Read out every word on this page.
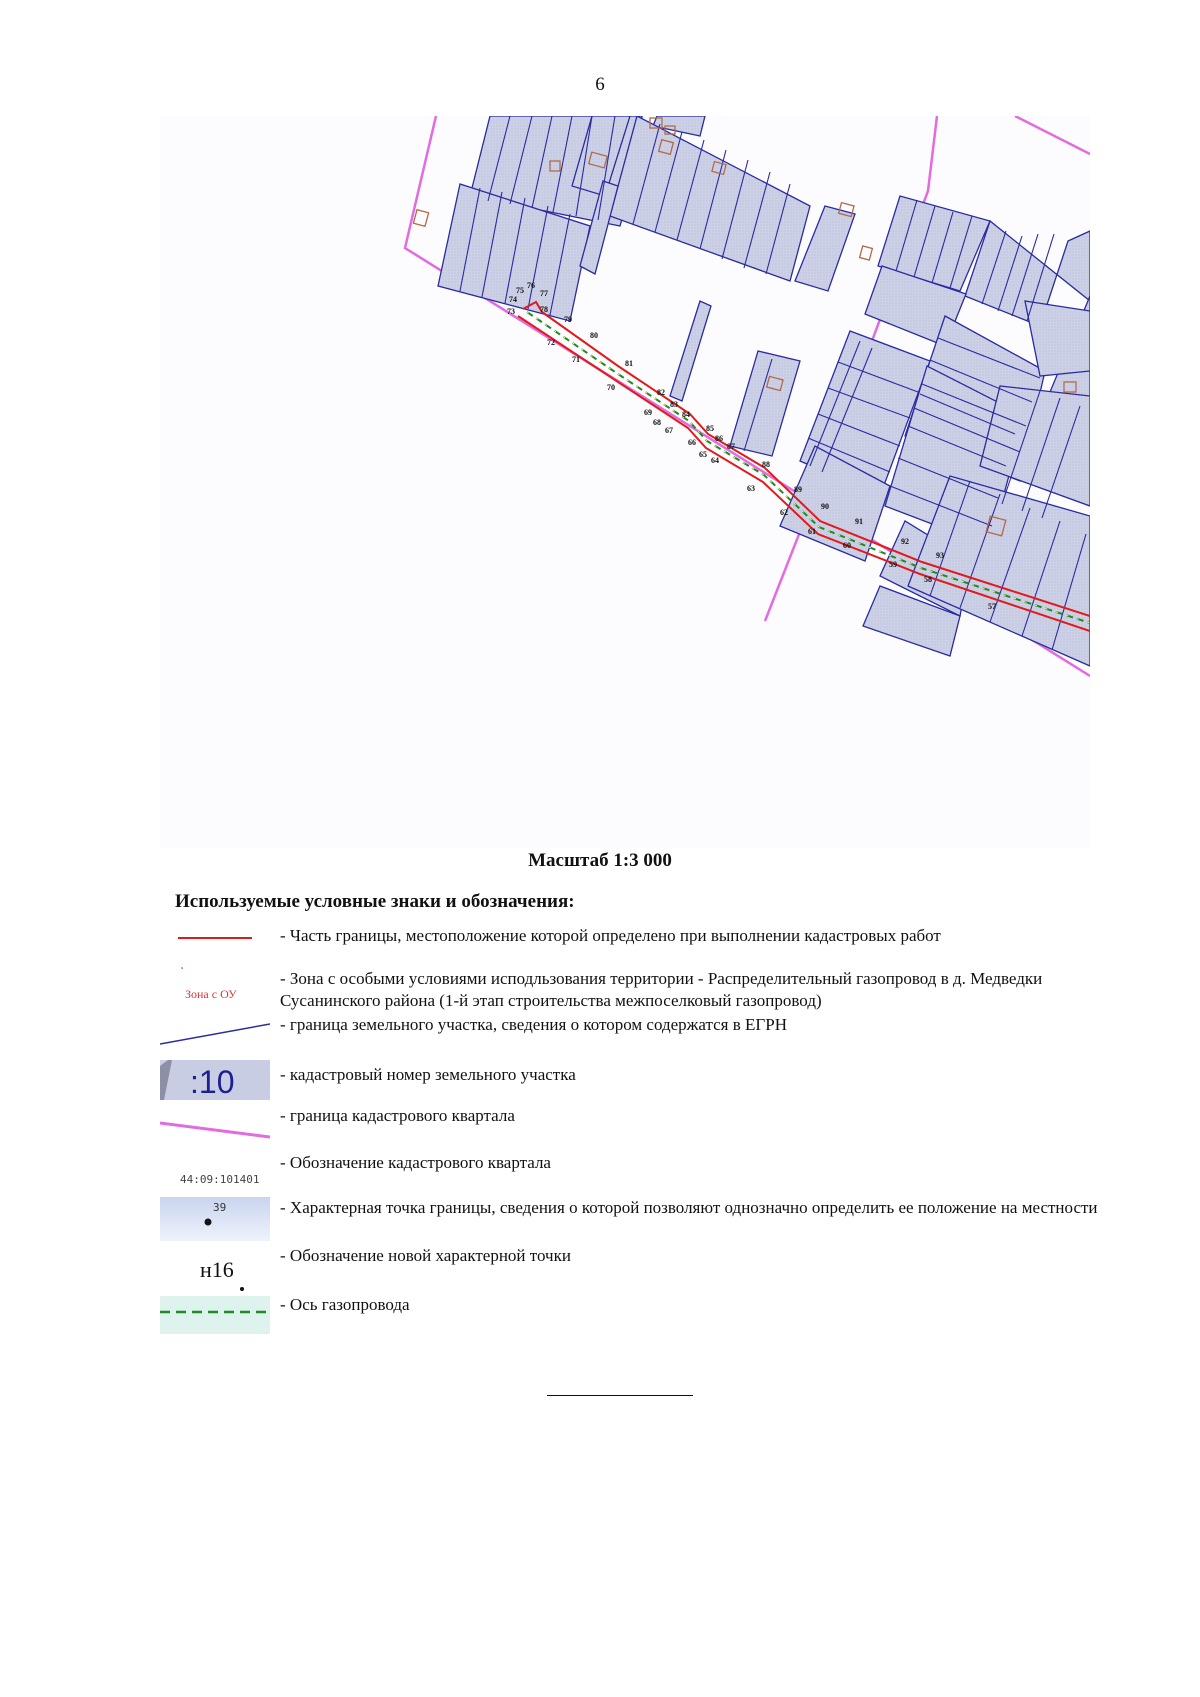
6
73
74
75
76
77
78
79
72
80
71	81
70
82
83
84
69
68
67	85
86
66	87
65
64	88
63	89
62
90
61
91
60	92
59
93
58
57
Масштаб 1:3 000
Используемые условные знаки и обозначения:
- Часть границы, местоположение которой определено при выполнении кадастровых работ
Зона с ОУ
- Зона с особыми условиями исподльзования территории - Распределительный газопровод в д. Медведки Сусанинского района (1-й этап строительства межпоселковый газопровод)
- граница земельного участка, сведения о котором содержатся в ЕГРН
:10	- кадастровый номер земельного участка
- граница кадастрового квартала
44:09:101401
- Обозначение кадастрового квартала
39	- Характерная точка границы, сведения о которой позволяют однозначно определить ее положение на местности
н16
- Обозначение новой характерной точки
- Ось газопровода
